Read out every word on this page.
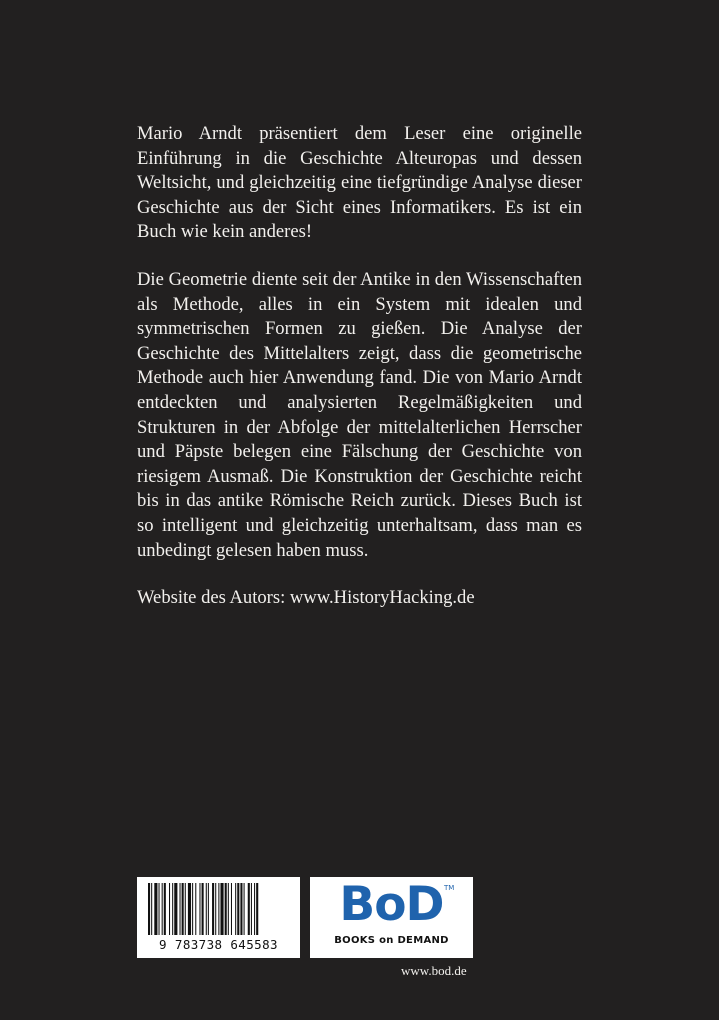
Mario Arndt präsentiert dem Leser eine originelle Einführung in die Geschichte Alteuropas und dessen Weltsicht, und gleichzeitig eine tiefgründige Analyse dieser Geschichte aus der Sicht eines Informatikers. Es ist ein Buch wie kein anderes!

Die Geometrie diente seit der Antike in den Wissenschaften als Methode, alles in ein System mit idealen und symmetrischen Formen zu gießen. Die Analyse der Geschichte des Mittelalters zeigt, dass die geometrische Methode auch hier Anwendung fand. Die von Mario Arndt entdeckten und analysierten Regelmäßigkeiten und Strukturen in der Abfolge der mittelalterlichen Herrscher und Päpste belegen eine Fälschung der Geschichte von riesigem Ausmaß. Die Konstruktion der Geschichte reicht bis in das antike Römische Reich zurück. Dieses Buch ist so intelligent und gleichzeitig unterhaltsam, dass man es unbedingt gelesen haben muss.

Website des Autors: www.HistoryHacking.de

9 783738 645583
BoD TM
BOOKS on DEMAND
www.bod.de
